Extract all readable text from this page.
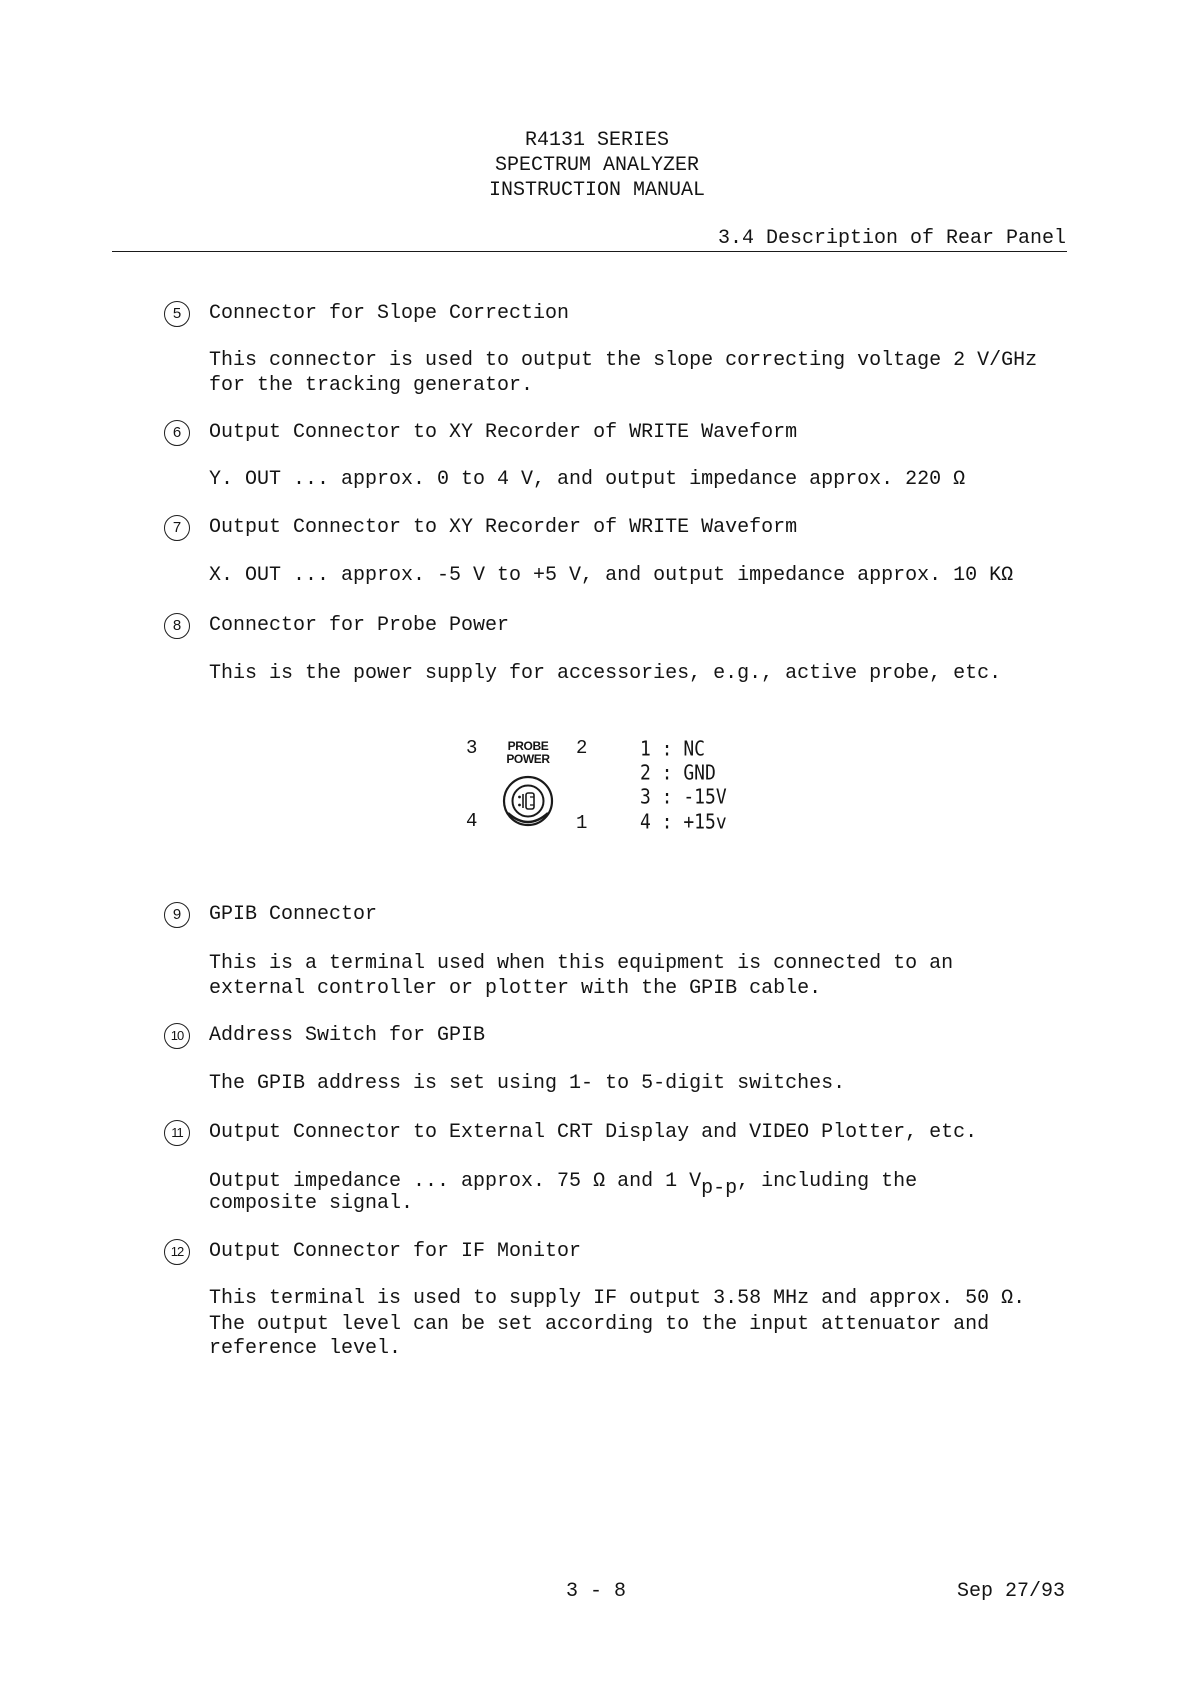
R4131 SERIES
SPECTRUM ANALYZER
INSTRUCTION MANUAL
3.4 Description of Rear Panel
5	Connector for Slope Correction
This connector is used to output the slope correcting voltage 2 V/GHz
for the tracking generator.
6	Output Connector to XY Recorder of WRITE Waveform
Y. OUT ... approx. 0 to 4 V, and output impedance approx. 220 Ω
7	Output Connector to XY Recorder of WRITE Waveform
X. OUT ... approx. -5 V to +5 V, and output impedance approx. 10 KΩ
8	Connector for Probe Power
This is the power supply for accessories, e.g., active probe, etc.
3	2
4	1
PROBE
POWER	1 : NC
2 : GND
3 : -15V
4 : +15v
9	GPIB Connector
This is a terminal used when this equipment is connected to an
external controller or plotter with the GPIB cable.
10	Address Switch for GPIB
The GPIB address is set using 1- to 5-digit switches.
11	Output Connector to External CRT Display and VIDEO Plotter, etc.
Output impedance ... approx. 75 Ω and 1 Vp-p, including the
composite signal.
12	Output Connector for IF Monitor
This terminal is used to supply IF output 3.58 MHz and approx. 50 Ω.
The output level can be set according to the input attenuator and
reference level.
3 - 8	Sep 27/93
